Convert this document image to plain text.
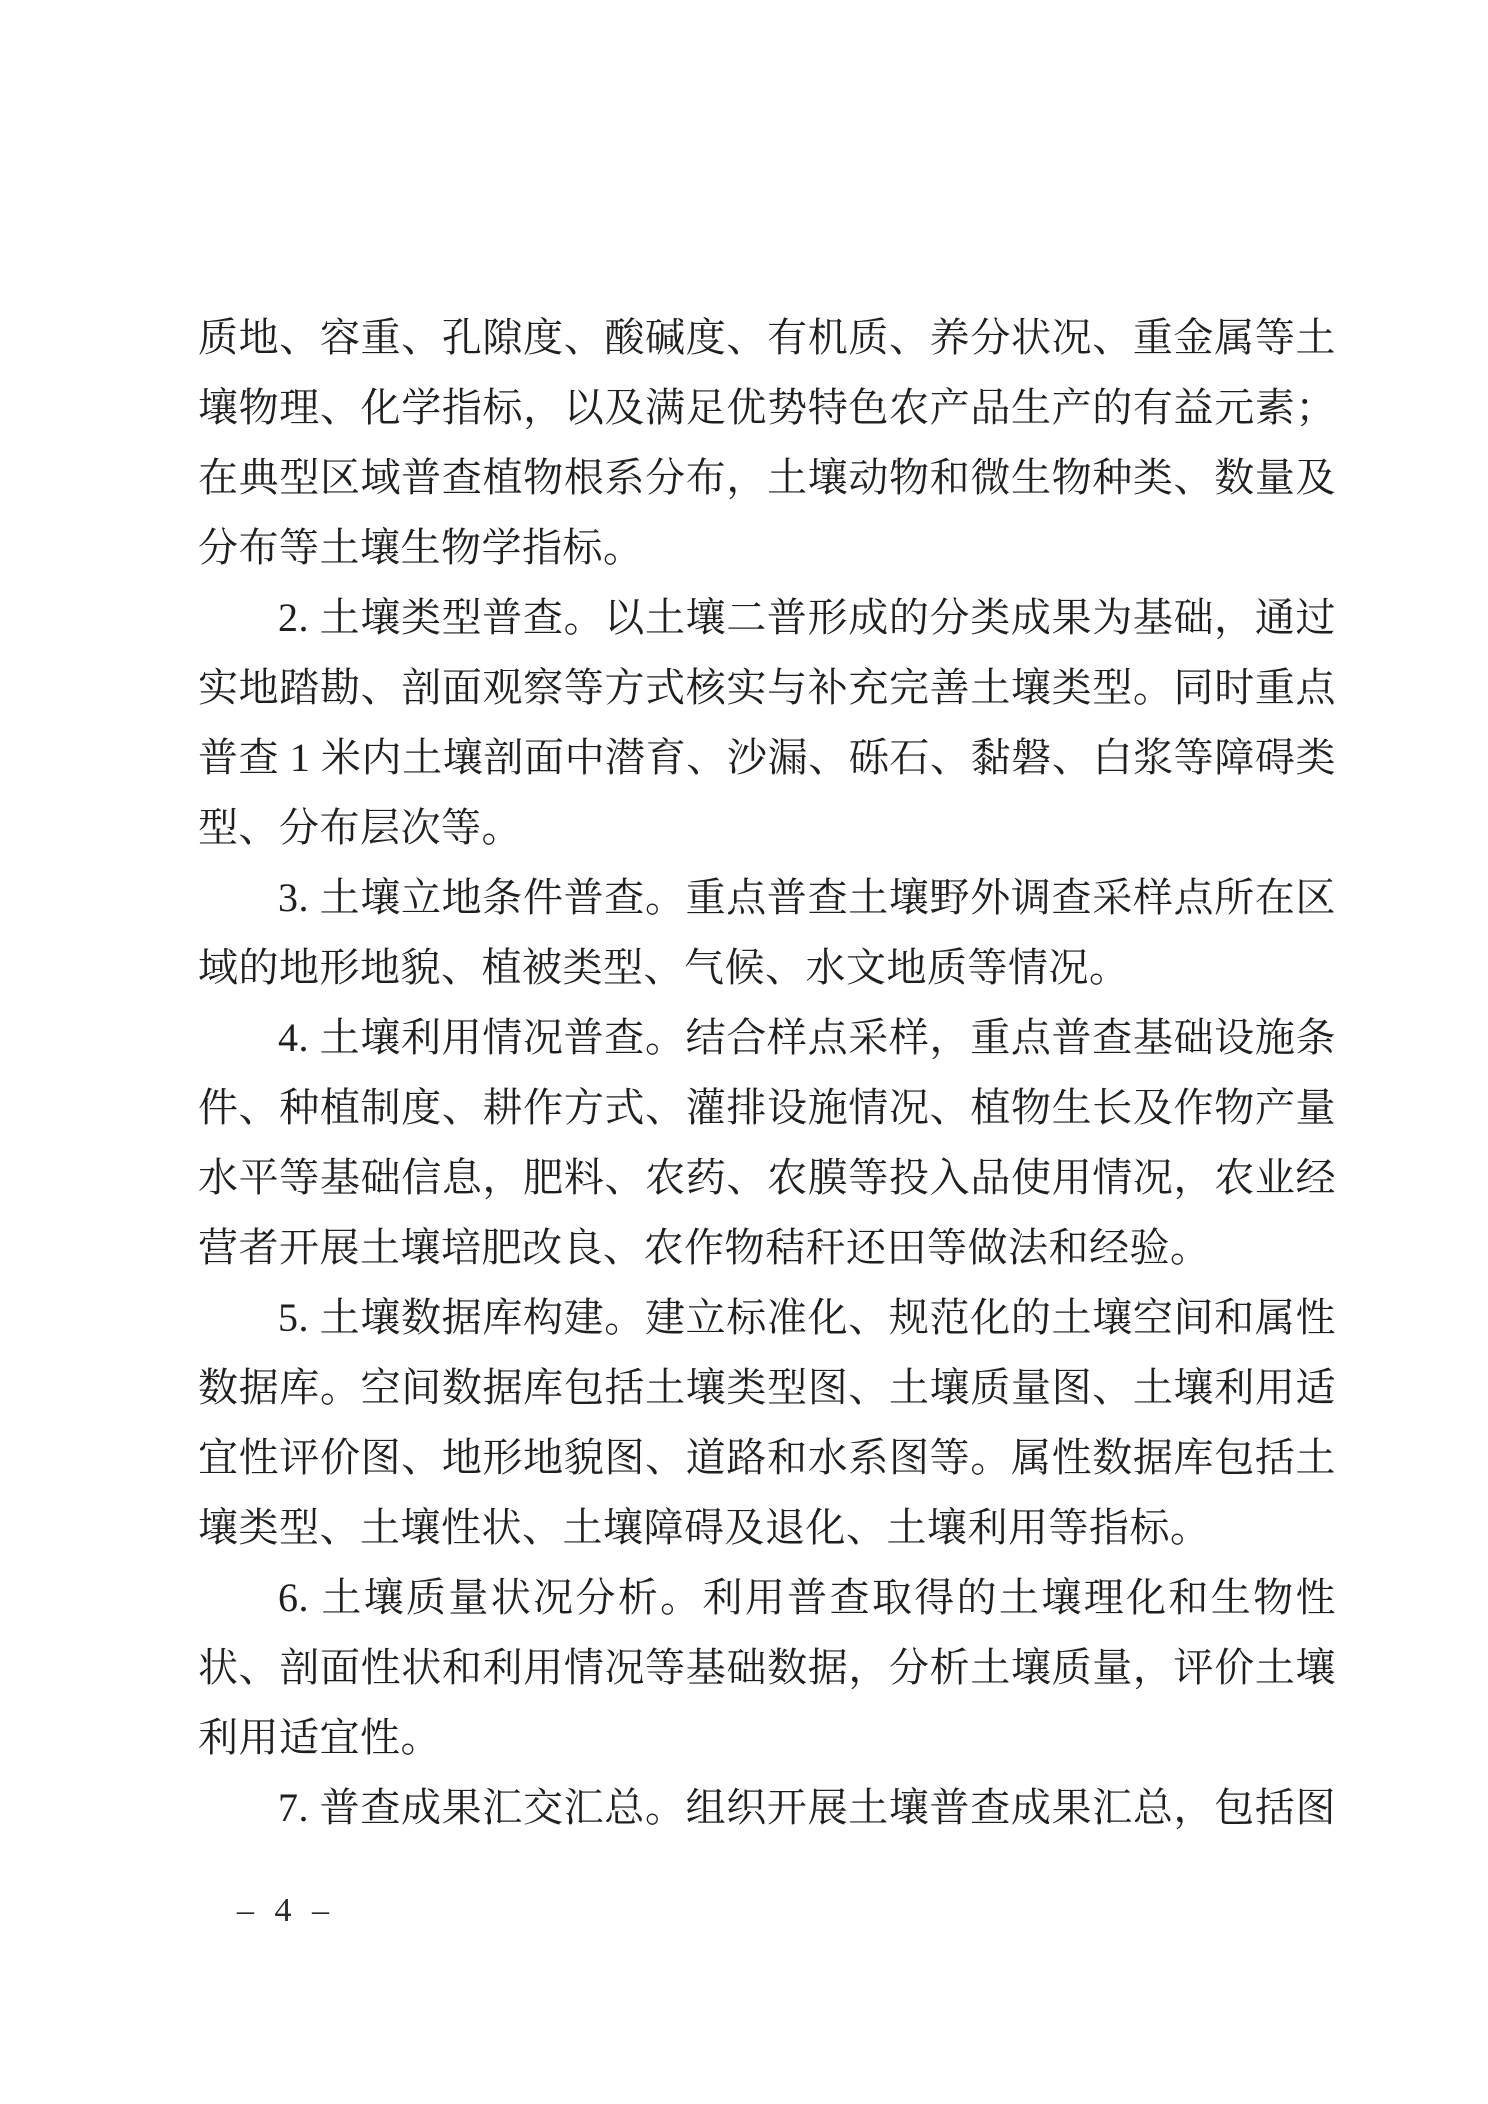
质地、容重、孔隙度、酸碱度、有机质、养分状况、重金属等土
壤物理、化学指标，以及满足优势特色农产品生产的有益元素；
在典型区域普查植物根系分布，土壤动物和微生物种类、数量及
分布等土壤生物学指标。
2. 土壤类型普查。以土壤二普形成的分类成果为基础，通过
实地踏勘、剖面观察等方式核实与补充完善土壤类型。同时重点
普查 1 米内土壤剖面中潜育、沙漏、砾石、黏磐、白浆等障碍类
型、分布层次等。
3. 土壤立地条件普查。重点普查土壤野外调查采样点所在区
域的地形地貌、植被类型、气候、水文地质等情况。
4. 土壤利用情况普查。结合样点采样，重点普查基础设施条
件、种植制度、耕作方式、灌排设施情况、植物生长及作物产量
水平等基础信息，肥料、农药、农膜等投入品使用情况，农业经
营者开展土壤培肥改良、农作物秸秆还田等做法和经验。
5. 土壤数据库构建。建立标准化、规范化的土壤空间和属性
数据库。空间数据库包括土壤类型图、土壤质量图、土壤利用适
宜性评价图、地形地貌图、道路和水系图等。属性数据库包括土
壤类型、土壤性状、土壤障碍及退化、土壤利用等指标。
6. 土壤质量状况分析。利用普查取得的土壤理化和生物性
状、剖面性状和利用情况等基础数据，分析土壤质量，评价土壤
利用适宜性。
7. 普查成果汇交汇总。组织开展土壤普查成果汇总，包括图
– 4 –
